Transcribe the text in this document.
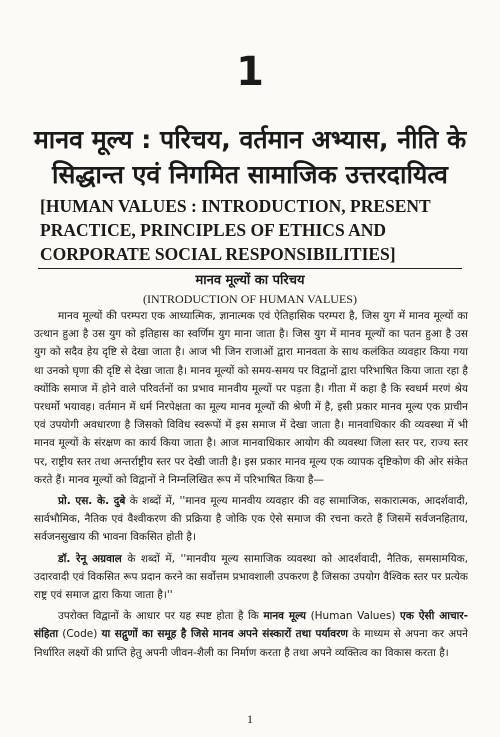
1
मानव मूल्य : परिचय, वर्तमान अभ्यास, नीति के सिद्धान्त एवं निगमित सामाजिक उत्तरदायित्व
[HUMAN VALUES : INTRODUCTION, PRESENT
PRACTICE, PRINCIPLES OF ETHICS AND
CORPORATE SOCIAL RESPONSIBILITIES]
मानव मूल्यों का परिचय
(INTRODUCTION OF HUMAN VALUES)

मानव मूल्यों की परम्परा एक आध्यात्मिक, ज्ञानात्मक एवं ऐतिहासिक परम्परा है, जिस युग में मानव मूल्यों का उत्थान हुआ है उस युग को इतिहास का स्वर्णिम युग माना जाता है। जिस युग में मानव मूल्यों का पतन हुआ है उस युग को सदैव हेय दृष्टि से देखा जाता है। आज भी जिन राजाओं द्वारा मानवता के साथ कलंकित व्यवहार किया गया था उनको घृणा की दृष्टि से देखा जाता है। मानव मूल्यों को समय-समय पर विद्वानों द्वारा परिभाषित किया जाता रहा है क्योंकि समाज में होने वाले परिवर्तनों का प्रभाव मानवीय मूल्यों पर पड़ता है। गीता में कहा है कि स्वधर्म मरणं श्रेय परधर्मो भयावह। वर्तमान में धर्म निरपेक्षता का मूल्य मानव मूल्यों की श्रेणी में है, इसी प्रकार मानव मूल्य एक प्राचीन एवं उपयोगी अवधारणा है जिसको विविध स्वरूपों में इस समाज में देखा जाता है। मानवाधिकार की व्यवस्था में भी मानव मूल्यों के संरक्षण का कार्य किया जाता है। आज मानवाधिकार आयोग की व्यवस्था जिला स्तर पर, राज्य स्तर पर, राष्ट्रीय स्तर तथा अन्तर्राष्ट्रीय स्तर पर देखी जाती है। इस प्रकार मानव मूल्य एक व्यापक दृष्टिकोण की ओर संकेत करते हैं। मानव मूल्यों को विद्वानों ने निम्नलिखित रूप में परिभाषित किया है—

प्रो. एस. के. दुबे के शब्दों में, ''मानव मूल्य मानवीय व्यवहार की वह सामाजिक, सकारात्मक, आदर्शवादी, सार्वभौमिक, नैतिक एवं वैश्वीकरण की प्रक्रिया है जोकि एक ऐसे समाज की रचना करते हैं जिसमें सर्वजनहिताय, सर्वजनसुखाय की भावना विकसित होती है।

डॉ. रेनू अग्रवाल के शब्दों में, ''मानवीय मूल्य सामाजिक व्यवस्था को आदर्शवादी, नैतिक, समसामयिक, उदारवादी एवं विकसित रूप प्रदान करने का सर्वोत्तम प्रभावशाली उपकरण है जिसका उपयोग वैश्विक स्तर पर प्रत्येक राष्ट्र एवं समाज द्वारा किया जाता है।''

उपरोक्त विद्वानों के आधार पर यह स्पष्ट होता है कि मानव मूल्य (Human Values) एक ऐसी आचार-संहिता (Code) या सद्गुणों का समूह है जिसे मानव अपने संस्कारों तथा पर्यावरण के माध्यम से अपना कर अपने निर्धारित लक्ष्यों की प्राप्ति हेतु अपनी जीवन-शैली का निर्माण करता है तथा अपने व्यक्तित्व का विकास करता है।

1
